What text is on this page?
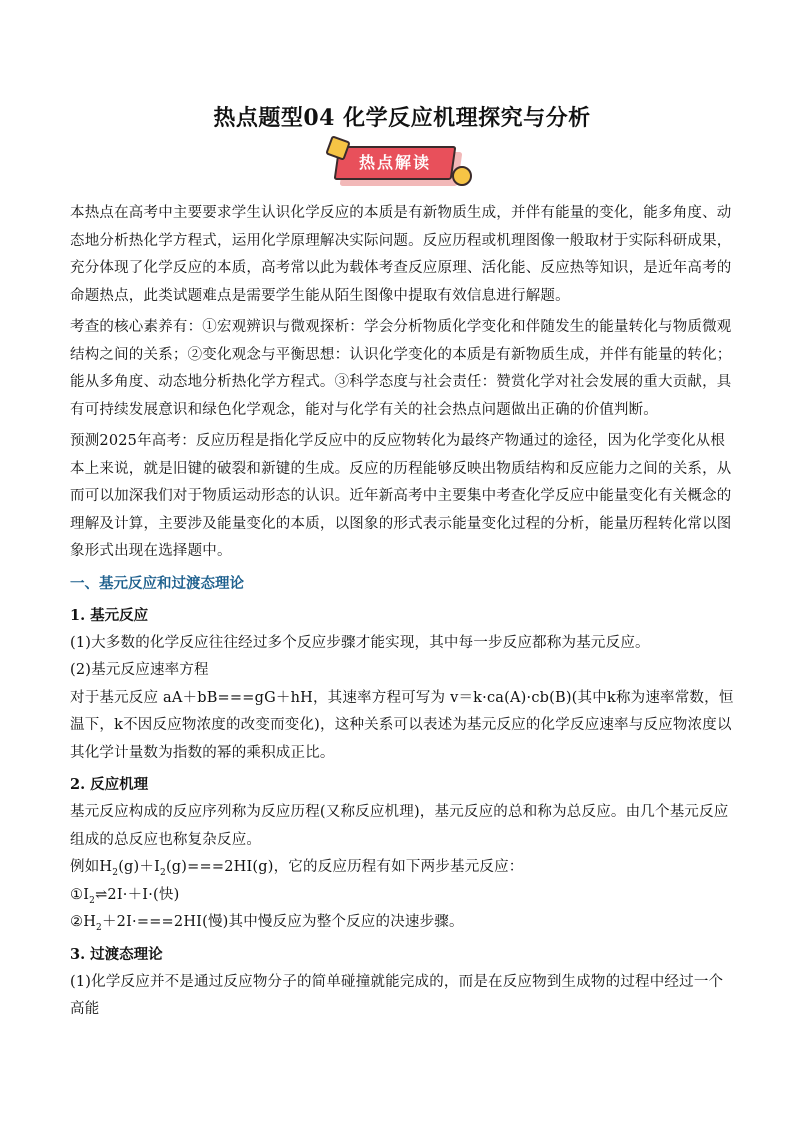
热点题型04 化学反应机理探究与分析
热点解读

本热点在高考中主要要求学生认识化学反应的本质是有新物质生成，并伴有能量的变化，能多角度、动态地分析热化学方程式，运用化学原理解决实际问题。反应历程或机理图像一般取材于实际科研成果，充分体现了化学反应的本质，高考常以此为载体考查反应原理、活化能、反应热等知识，是近年高考的命题热点，此类试题难点是需要学生能从陌生图像中提取有效信息进行解题。

考查的核心素养有：①宏观辨识与微观探析：学会分析物质化学变化和伴随发生的能量转化与物质微观结构之间的关系；②变化观念与平衡思想：认识化学变化的本质是有新物质生成，并伴有能量的转化；能从多角度、动态地分析热化学方程式。③科学态度与社会责任：赞赏化学对社会发展的重大贡献，具有可持续发展意识和绿色化学观念，能对与化学有关的社会热点问题做出正确的价值判断。

预测2025年高考：反应历程是指化学反应中的反应物转化为最终产物通过的途径，因为化学变化从根本上来说，就是旧键的破裂和新键的生成。反应的历程能够反映出物质结构和反应能力之间的关系，从而可以加深我们对于物质运动形态的认识。近年新高考中主要集中考查化学反应中能量变化有关概念的理解及计算，主要涉及能量变化的本质，以图象的形式表示能量变化过程的分析，能量历程转化常以图象形式出现在选择题中。

一、基元反应和过渡态理论
1. 基元反应

(1)大多数的化学反应往往经过多个反应步骤才能实现，其中每一步反应都称为基元反应。

(2)基元反应速率方程

对于基元反应 aA＋bB===gG＋hH，其速率方程可写为 v＝k·ca(A)·cb(B)(其中k称为速率常数，恒温下，k不因反应物浓度的改变而变化)，这种关系可以表述为基元反应的化学反应速率与反应物浓度以其化学计量数为指数的幂的乘积成正比。

2. 反应机理

基元反应构成的反应序列称为反应历程(又称反应机理)，基元反应的总和称为总反应。由几个基元反应组成的总反应也称复杂反应。

例如$H_2(g)+I_2(g)===2HI(g)$，它的反应历程有如下两步基元反应：

$①I_2\rightleftharpoons 2I\cdot+I\cdot$(快)

$②H_2+2I\cdot===2HI$(慢)其中慢反应为整个反应的决速步骤。

3. 过渡态理论

(1)化学反应并不是通过反应物分子的简单碰撞就能完成的，而是在反应物到生成物的过程中经过一个高能
